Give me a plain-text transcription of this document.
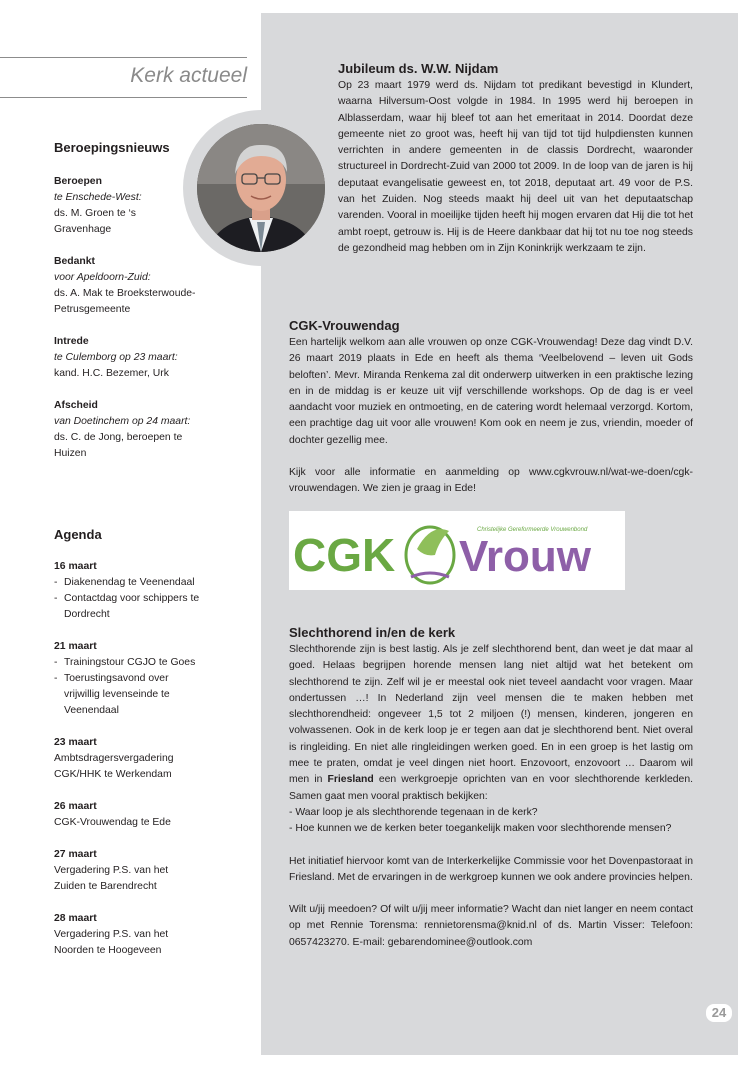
Kerk actueel
Beroepingsnieuws
Beroepen
te Enschede-West:
ds. M. Groen te ‘s Gravenhage
Bedankt
voor Apeldoorn-Zuid:
ds. A. Mak te Broeksterwoude-Petrusgemeente
Intrede
te Culemborg op 23 maart:
kand. H.C. Bezemer, Urk
Afscheid
van Doetinchem op 24 maart:
ds. C. de Jong, beroepen te Huizen
Agenda
16 maart
- Diakenendag te Veenendaal
- Contactdag voor schippers te Dordrecht
21 maart
- Trainingstour CGJO te Goes
- Toerustingsavond over vrijwillig levenseinde te Veenendaal
23 maart
Ambtsdragersvergadering CGK/HHK te Werkendam
26 maart
CGK-Vrouwendag te Ede
27 maart
Vergadering P.S. van het Zuiden te Barendrecht
28 maart
Vergadering P.S. van het Noorden te Hoogeveen
Jubileum ds. W.W. Nijdam

Op 23 maart 1979 werd ds. Nijdam tot predikant bevestigd in Klundert, waarna Hilversum-Oost volgde in 1984. In 1995 werd hij beroepen in Alblasserdam, waar hij bleef tot aan het emeritaat in 2014. Doordat deze gemeente niet zo groot was, heeft hij van tijd tot tijd hulpdiensten kunnen verrichten in andere gemeenten in de classis Dordrecht, waaronder structureel in Dordrecht-Zuid van 2000 tot 2009. In de loop van de jaren is hij deputaat evangelisatie geweest en, tot 2018, deputaat art. 49 voor de P.S. van het Zuiden. Nog steeds maakt hij deel uit van het deputaatschap varenden. Vooral in moeilijke tijden heeft hij mogen ervaren dat Hij die tot het ambt roept, getrouw is. Hij is de Heere dankbaar dat hij tot nu toe nog steeds de gezondheid mag hebben om in Zijn Koninkrijk werkzaam te zijn.

CGK-Vrouwendag

Een hartelijk welkom aan alle vrouwen op onze CGK-Vrouwendag! Deze dag vindt D.V. 26 maart 2019 plaats in Ede en heeft als thema ‘Veelbelovend – leven uit Gods beloften’. Mevr. Miranda Renkema zal dit onderwerp uitwerken in een praktische lezing en in de middag is er keuze uit vijf verschillende workshops. Op de dag is er veel aandacht voor muziek en ontmoeting, en de catering wordt helemaal verzorgd. Kortom, een prachtige dag uit voor alle vrouwen! Kom ook en neem je zus, vriendin, moeder of dochter gezellig mee.

Kijk voor alle informatie en aanmelding op www.cgkvrouw.nl/wat-we-doen/cgk-vrouwendagen. We zien je graag in Ede!

CGK Vrouw
Christelijke Gereformeerde Vrouwenbond
Slechthorend in/en de kerk

Slechthorende zijn is best lastig. Als je zelf slechthorend bent, dan weet je dat maar al goed. Helaas begrijpen horende mensen lang niet altijd wat het betekent om slechthorend te zijn. Zelf wil je er meestal ook niet teveel aandacht voor vragen. Maar ondertussen …! In Nederland zijn veel mensen die te maken hebben met slechthorendheid: ongeveer 1,5 tot 2 miljoen (!) mensen, kinderen, jongeren en volwassenen. Ook in de kerk loop je er tegen aan dat je slechthorend bent. Niet overal is ringleiding. En niet alle ringleidingen werken goed. En in een groep is het lastig om mee te praten, omdat je veel dingen niet hoort. Enzovoort, enzovoort … Daarom wil men in Friesland een werkgroepje oprichten van en voor slechthorende kerkleden. Samen gaat men vooral praktisch bekijken:

- Waar loop je als slechthorende tegenaan in de kerk?

- Hoe kunnen we de kerken beter toegankelijk maken voor slechthorende mensen?

Het initiatief hiervoor komt van de Interkerkelijke Commissie voor het Dovenpastoraat in Friesland. Met de ervaringen in de werkgroep kunnen we ook andere provincies helpen.

Wilt u/jij meedoen? Of wilt u/jij meer informatie? Wacht dan niet langer en neem contact op met Rennie Torensma: rennietorensma@knid.nl of ds. Martin Visser: Telefoon: 0657423270. E-mail: gebarendominee@outlook.com

24
